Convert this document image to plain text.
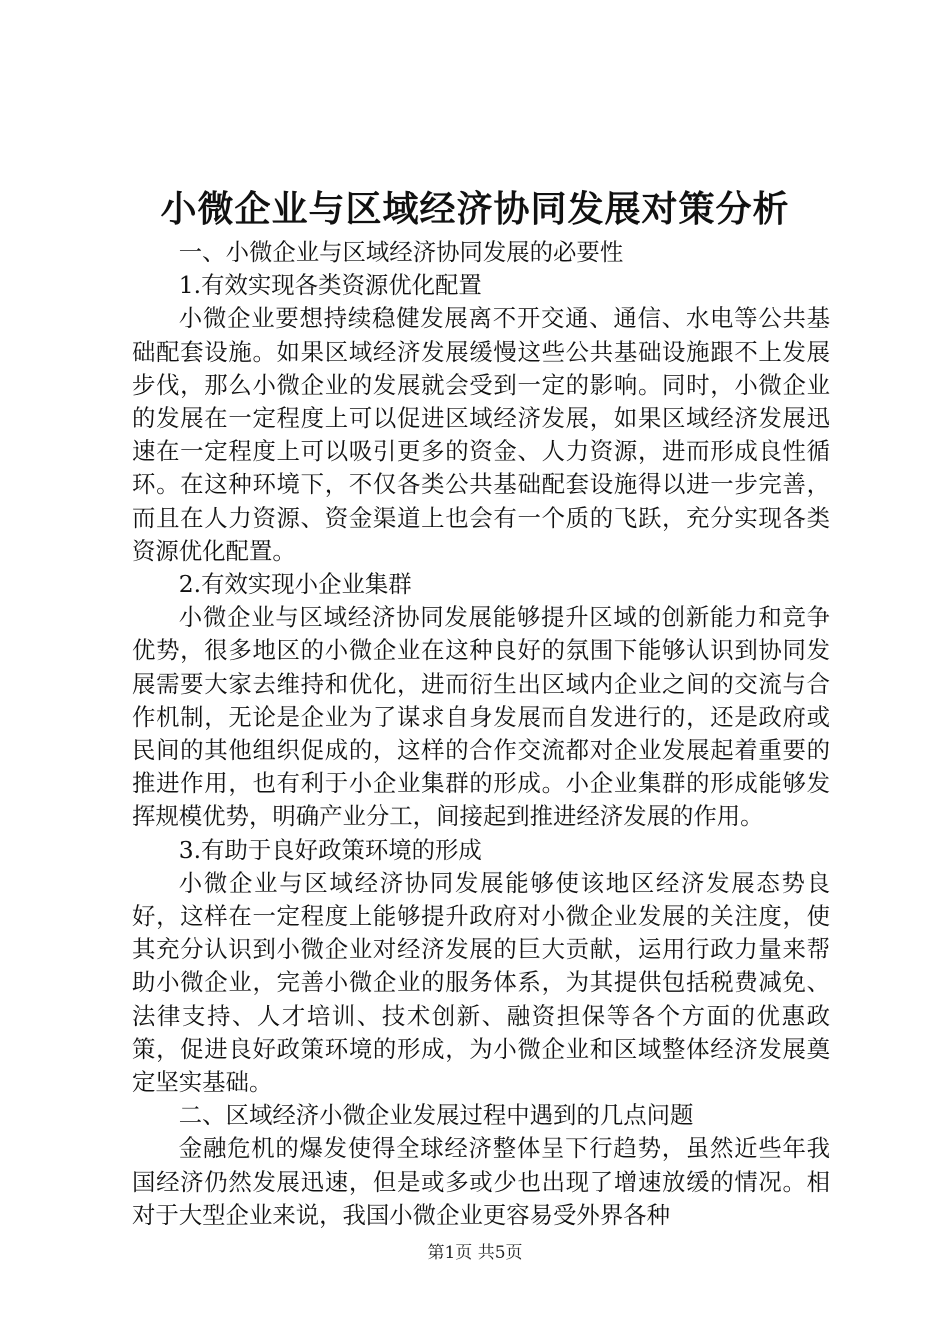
小微企业与区域经济协同发展对策分析

一、小微企业与区域经济协同发展的必要性

1.有效实现各类资源优化配置

小微企业要想持续稳健发展离不开交通、通信、水电等公共基础配套设施。如果区域经济发展缓慢这些公共基础设施跟不上发展步伐，那么小微企业的发展就会受到一定的影响。同时，小微企业的发展在一定程度上可以促进区域经济发展，如果区域经济发展迅速在一定程度上可以吸引更多的资金、人力资源，进而形成良性循环。在这种环境下，不仅各类公共基础配套设施得以进一步完善，而且在人力资源、资金渠道上也会有一个质的飞跃，充分实现各类资源优化配置。

2.有效实现小企业集群

小微企业与区域经济协同发展能够提升区域的创新能力和竞争优势，很多地区的小微企业在这种良好的氛围下能够认识到协同发展需要大家去维持和优化，进而衍生出区域内企业之间的交流与合作机制，无论是企业为了谋求自身发展而自发进行的，还是政府或民间的其他组织促成的，这样的合作交流都对企业发展起着重要的推进作用，也有利于小企业集群的形成。小企业集群的形成能够发挥规模优势，明确产业分工，间接起到推进经济发展的作用。

3.有助于良好政策环境的形成

小微企业与区域经济协同发展能够使该地区经济发展态势良好，这样在一定程度上能够提升政府对小微企业发展的关注度，使其充分认识到小微企业对经济发展的巨大贡献，运用行政力量来帮助小微企业，完善小微企业的服务体系，为其提供包括税费减免、法律支持、人才培训、技术创新、融资担保等各个方面的优惠政策，促进良好政策环境的形成，为小微企业和区域整体经济发展奠定坚实基础。

二、区域经济小微企业发展过程中遇到的几点问题

金融危机的爆发使得全球经济整体呈下行趋势，虽然近些年我国经济仍然发展迅速，但是或多或少也出现了增速放缓的情况。相对于大型企业来说，我国小微企业更容易受外界各种

第1页 共5页
